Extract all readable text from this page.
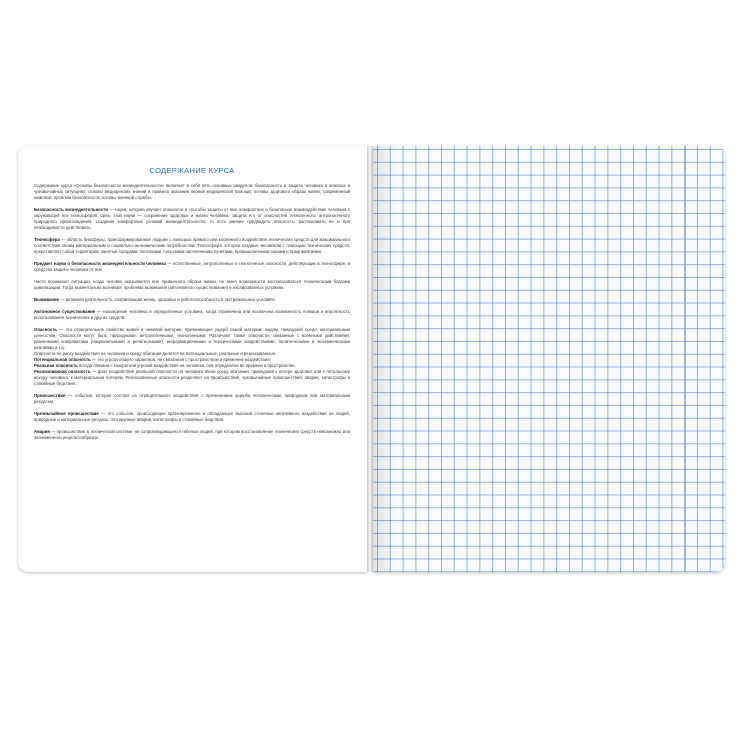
СОДЕРЖАНИЕ КУРСА

Содержание курса «Основы безопасности жизнедеятельности» включает в себя пять основных разделов: безопасность и защита человека в опасных и чрезвычайных ситуациях; основы медицинских знаний и правила оказания первой медицинской помощи; основы здорового образа жизни; современный комплекс проблем безопасности; основы военной службы.

Безопасность жизнедеятельности — наука, которая изучает опасности и способы защиты от них, комфортное и безопасное взаимодействие человека с окружающей его техносферой. Цель этой науки — сохранение здоровья и жизни человека, защита его от опасностей техногенного, антропогенного природного происхождения, создание комфортных условий жизнедеятельности, то есть умение предвидеть опасность, распознавать ее и при необходимости действовать.

Техносфера — область биосферы, трансформированная людьми с помощью прямого или косвенного воздействия технических средств для максимального соответствия своим материальным и социально-экономическим потребностям. Техносфера, которая создана человеком с помощью технических средств, представляет собой территории, занятые городами, поселками, сельскими населенными пунктами, промышленными зонами и предприятиями.

Предмет науки о безопасности жизнедеятельности человека — естественные, антропогенные и техногенные опасности, действующие в техносфере, и средства защиты человека от них.

Часто возникают ситуации, когда человек оказывается вне привычного образа жизни, не имея возможности воспользоваться техническими благами цивилизации. Тогда моментально возникает проблема выживания (автономного существования) в изолированных условиях.

Выживание — активная деятельность, сохраняющая жизнь, здоровье и работоспособность в экстремальных условиях.

Автономное существование — нахождение человека в определенных условиях, когда ограничена или исключена возможность помощи и вероятность использования технических и других средств.

Опасность — это отрицательное свойство живой и неживой материи, причиняющее ущерб самой материи: людям, природной среде, материальным ценностям. Опасности могут быть природными, антропогенными, техногенными. Различают также опасности, связанные с военными действиями, различными конфликтами (национальными и религиозными), информационными и психическими воздействиями, политическими и экономическими реалиями и т.д.

Опасности по риску воздействия на человека и среду обитания делятся на потенциальные, реальные и реализованные.

Потенциальная опасность — это угроза общего характера, не связанная с пространством и временем воздействия.

Реальная опасность всегда связана с конкретной угрозой воздействия на человека, она определена во времени и пространстве.

Реализованная опасность — факт воздействия реальной опасности на человека и/или среду обитания, приведший к потере здоровья или к летальному исходу человека, к материальным потерям. Реализованные опасности разделяют на происшествия, чрезвычайные происшествия, аварии, катастрофы и стихийные бедствия.

Происшествие — событие, которое состоит из отрицательного воздействия с причинением ущерба человеческим, природным или материальным ресурсам.

Чрезвычайное происшествие — это событие, происходящее кратковременно и обладающее высокой степенью негативного воздействия на людей, природные и материальные ресурсы. Это крупные аварии, катастрофы и стихийные бедствия.

Авария — происшествие в технической системе, не сопровождающееся гибелью людей, при котором восстановление технических средств невозможно или экономически нецелесообразно.
